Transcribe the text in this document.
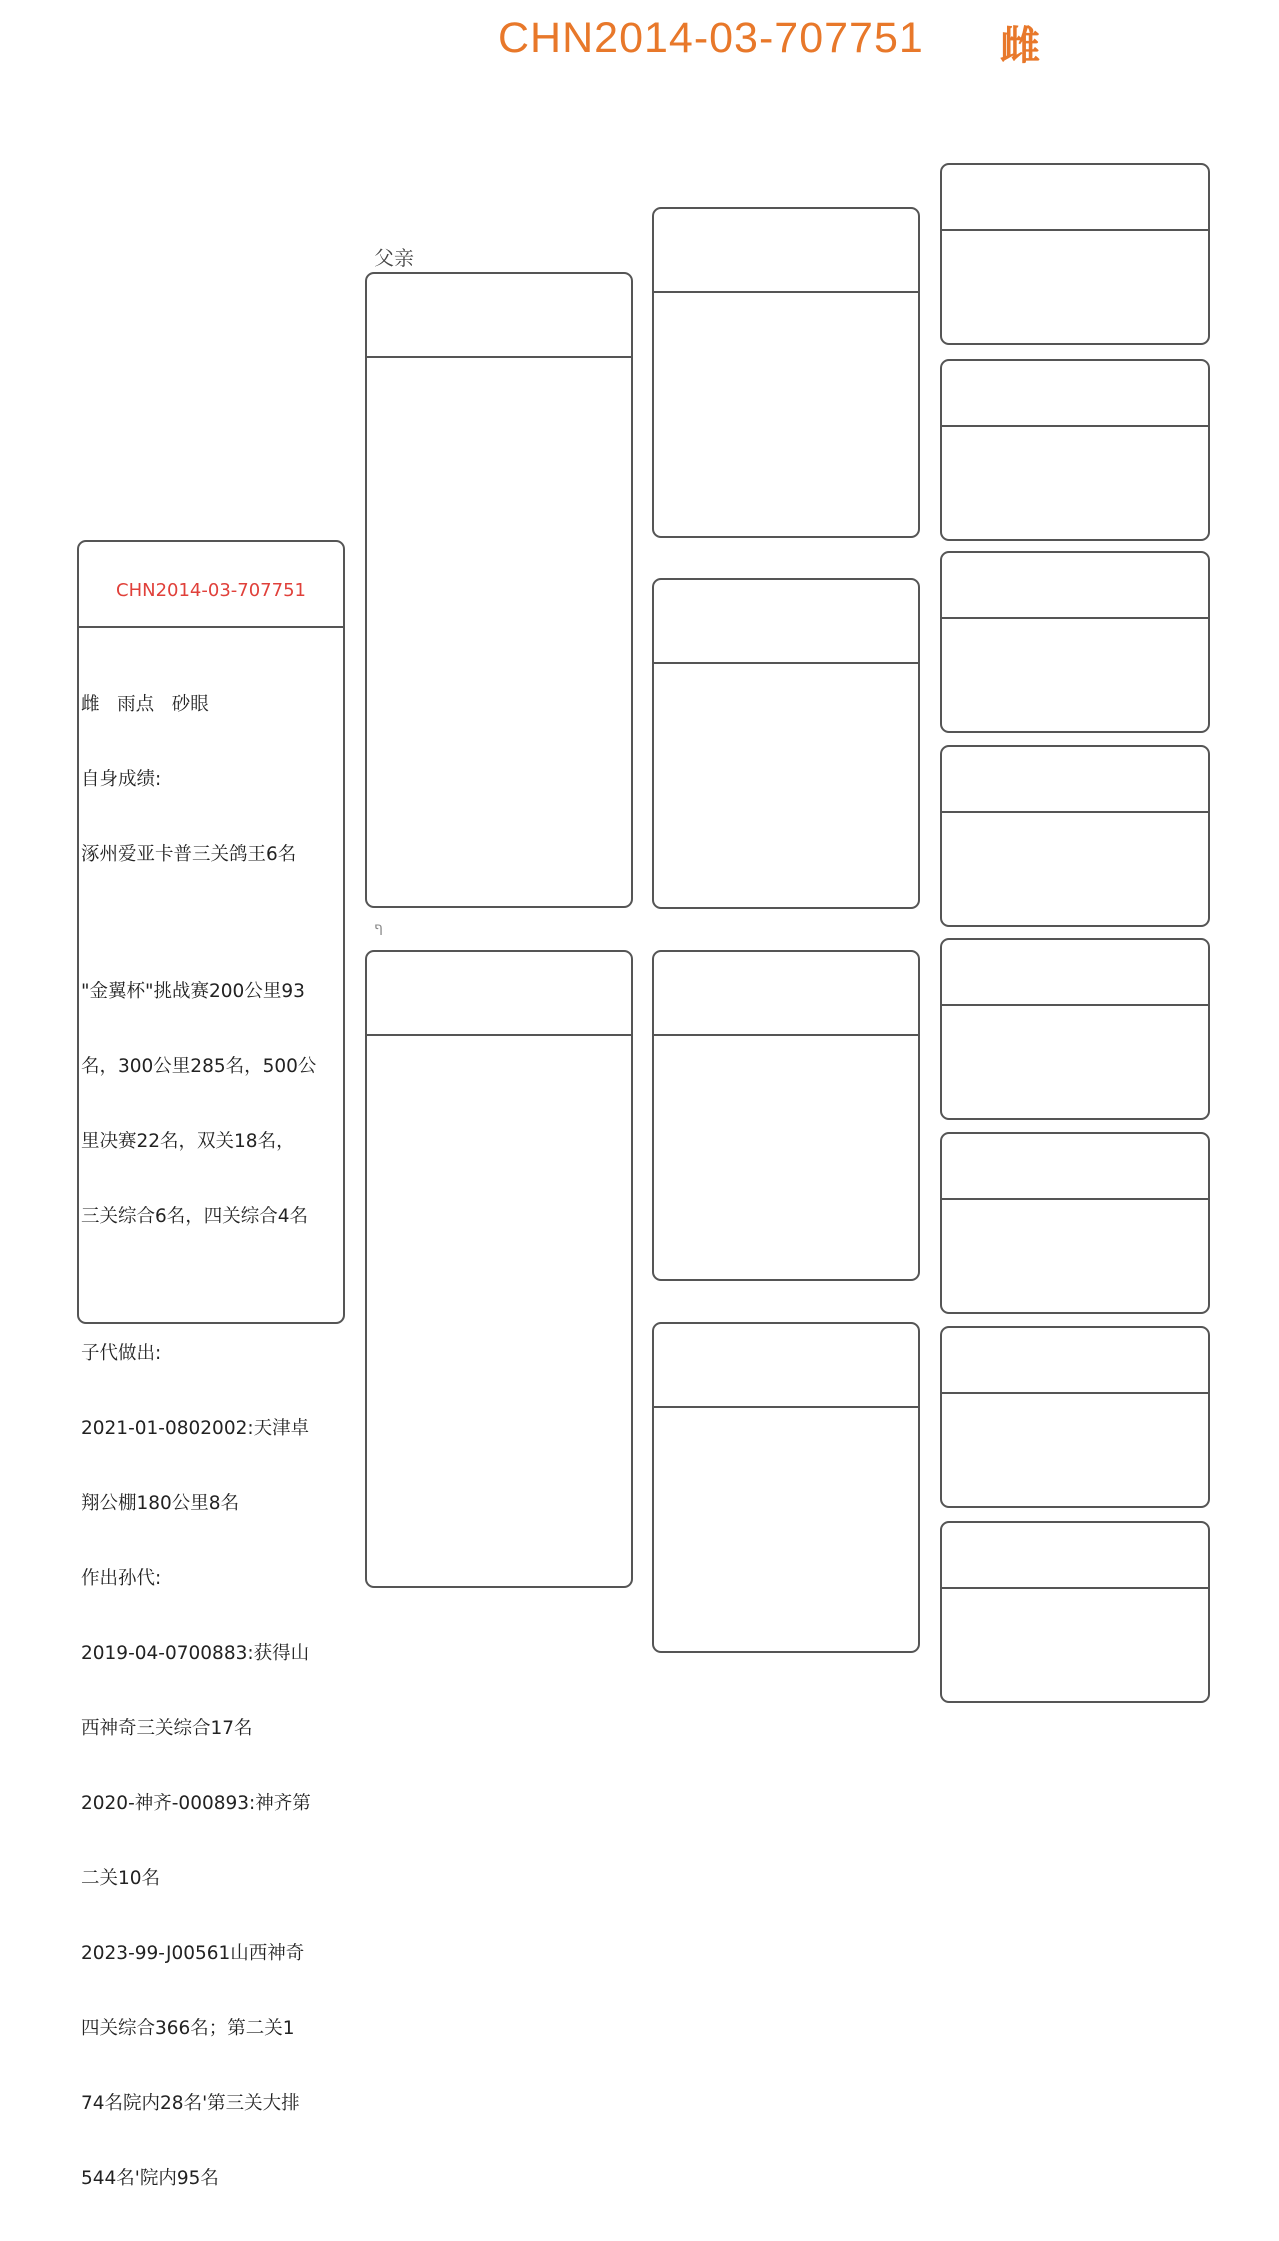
CHN2014-03-707751 雌
CHN2014-03-707751

雌   雨点   砂眼

自身成绩:

涿州爱亚卡普三关鸽王6名

"金翼杯"挑战赛200公里93

名，300公里285名，500公

里决赛22名，双关18名，

三关综合6名，四关综合4名

子代做出:

2021-01-0802002:天津卓

翔公棚180公里8名

作出孙代:

2019-04-0700883:获得山

西神奇三关综合17名

2020-神齐-000893:神齐第

二关10名

2023-99-J00561山西神奇

四关综合366名；第二关1

74名院内28名'第三关大排

544名'院内95名

父亲
ף
